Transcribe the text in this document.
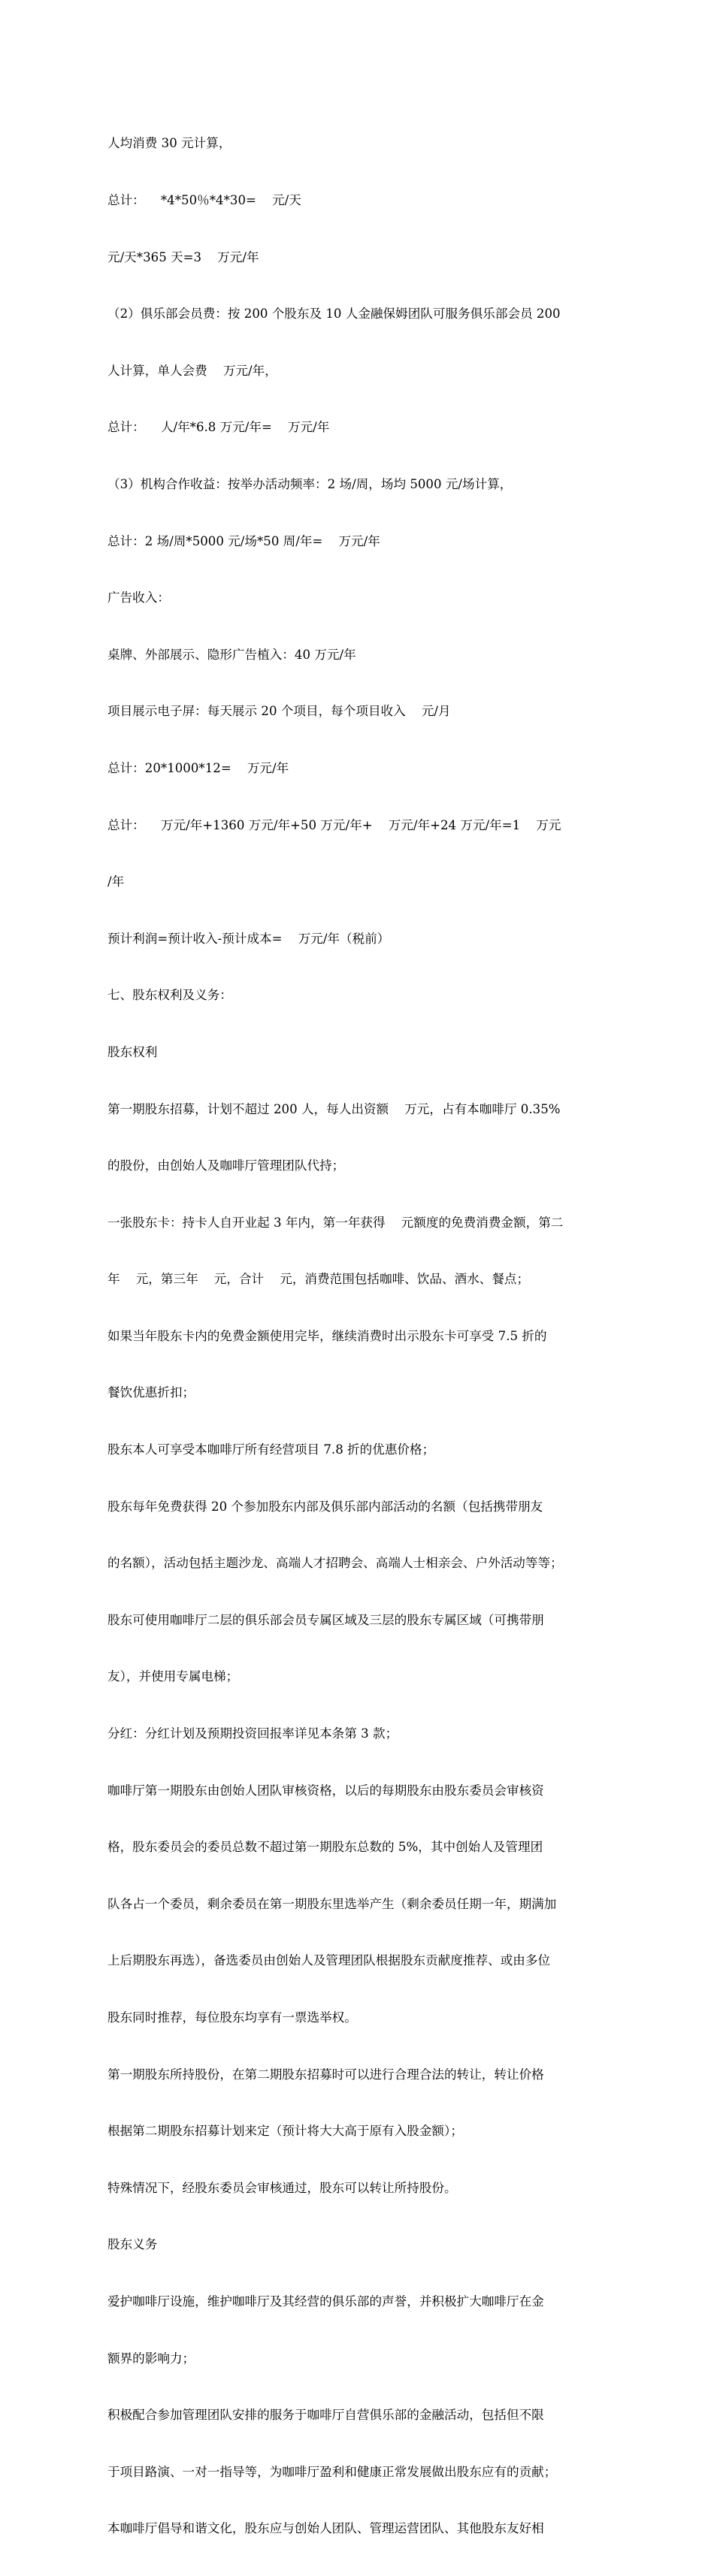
人均消费 30 元计算，

总计：    *4*50％*4*30=    元/天

元/天*365 天=3    万元/年

（2）俱乐部会员费：按 200 个股东及 10 人金融保姆团队可服务俱乐部会员 200

人计算，单人会费    万元/年，

总计：    人/年*6.8 万元/年=    万元/年

（3）机构合作收益：按举办活动频率：2 场/周，场均 5000 元/场计算，

总计：2 场/周*5000 元/场*50 周/年=    万元/年

广告收入：

桌牌、外部展示、隐形广告植入：40 万元/年

项目展示电子屏：每天展示 20 个项目，每个项目收入    元/月

总计：20*1000*12=    万元/年

总计：    万元/年+1360 万元/年+50 万元/年+    万元/年+24 万元/年=1    万元

/年

预计利润=预计收入-预计成本=    万元/年（税前）

七、股东权利及义务：

股东权利

第一期股东招募，计划不超过 200 人，每人出资额    万元，占有本咖啡厅 0.35%

的股份，由创始人及咖啡厅管理团队代持；

一张股东卡：持卡人自开业起 3 年内，第一年获得    元额度的免费消费金额，第二

年    元，第三年    元，合计    元，消费范围包括咖啡、饮品、酒水、餐点；

如果当年股东卡内的免费金额使用完毕，继续消费时出示股东卡可享受 7.5 折的

餐饮优惠折扣；

股东本人可享受本咖啡厅所有经营项目 7.8 折的优惠价格；

股东每年免费获得 20 个参加股东内部及俱乐部内部活动的名额（包括携带朋友

的名额），活动包括主题沙龙、高端人才招聘会、高端人士相亲会、户外活动等等；

股东可使用咖啡厅二层的俱乐部会员专属区域及三层的股东专属区域（可携带朋

友），并使用专属电梯；

分红：分红计划及预期投资回报率详见本条第 3 款；

咖啡厅第一期股东由创始人团队审核资格，以后的每期股东由股东委员会审核资

格，股东委员会的委员总数不超过第一期股东总数的 5%，其中创始人及管理团

队各占一个委员，剩余委员在第一期股东里选举产生（剩余委员任期一年，期满加

上后期股东再选），备选委员由创始人及管理团队根据股东贡献度推荐、或由多位

股东同时推荐，每位股东均享有一票选举权。

第一期股东所持股份，在第二期股东招募时可以进行合理合法的转让，转让价格

根据第二期股东招募计划来定（预计将大大高于原有入股金额）；

特殊情况下，经股东委员会审核通过，股东可以转让所持股份。

股东义务

爱护咖啡厅设施，维护咖啡厅及其经营的俱乐部的声誉，并积极扩大咖啡厅在金

额界的影响力；

积极配合参加管理团队安排的服务于咖啡厅自营俱乐部的金融活动，包括但不限

于项目路演、一对一指导等，为咖啡厅盈利和健康正常发展做出股东应有的贡献；

本咖啡厅倡导和谐文化，股东应与创始人团队、管理运营团队、其他股东友好相
